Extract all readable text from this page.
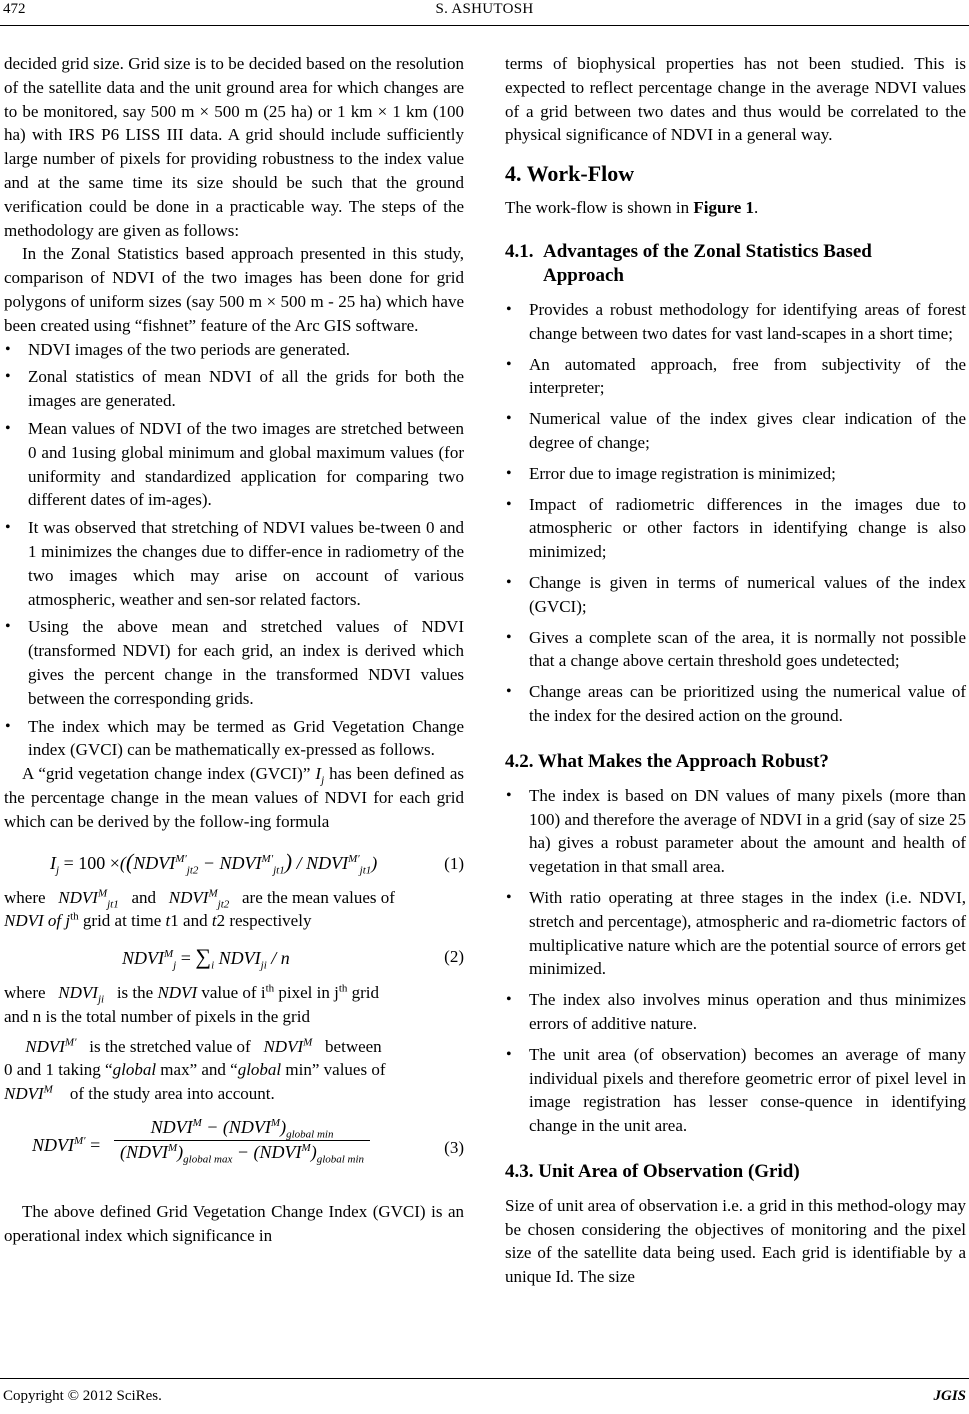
472	S. ASHUTOSH

decided grid size. Grid size is to be decided based on the resolution of the satellite data and the unit ground area for which changes are to be monitored, say 500 m × 500 m (25 ha) or 1 km × 1 km (100 ha) with IRS P6 LISS III data. A grid should include sufficiently large number of pixels for providing robustness to the index value and at the same time its size should be such that the ground verification could be done in a practicable way. The steps of the methodology are given as follows:

In the Zonal Statistics based approach presented in this study, comparison of NDVI of the two images has been done for grid polygons of uniform sizes (say 500 m × 500 m - 25 ha) which have been created using “fishnet” feature of the Arc GIS software.

• NDVI images of the two periods are generated.
• Zonal statistics of mean NDVI of all the grids for both the images are generated.
• Mean values of NDVI of the two images are stretched between 0 and 1using global minimum and global maximum values (for uniformity and standardized application for comparing two different dates of im-ages).
• It was observed that stretching of NDVI values be-tween 0 and 1 minimizes the changes due to differ-ence in radiometry of the two images which may arise on account of various atmospheric, weather and sen-sor related factors.
• Using the above mean and stretched values of NDVI (transformed NDVI) for each grid, an index is derived which gives the percent change in the transformed NDVI values between the corresponding grids.
• The index which may be termed as Grid Vegetation Change index (GVCI) can be mathematically ex-pressed as follows.

A “grid vegetation change index (GVCI)” $I_j$ has been defined as the percentage change in the mean values of NDVI for each grid which can be derived by the follow-ing formula

$I_j = 100$ $\times((NDVI^{M'}_{jt2}$ − $NDVI^{M'}_{jt1}$) / $NDVI^{M'}_{jt1}$)	(1)

where $NDVI^M_{jt1}$ and $NDVI^M_{jt2}$ are the mean values of
NDVI of $j^{th}$ grid at time t1 and t2 respectively

$NDVI^M_j = \sum_i$ $NDVI_{ji}$ / n	(2)

where $NDVI_{ji}$ is the NDVI value of $i^{th}$ pixel in $j^{th}$ grid
and n is the total number of pixels in the grid

$NDVI^{M'}$ is the stretched value of $NDVI^M$ between
0 and 1 taking “global max” and “global min” values of
$NDVI^M$ of the study area into account.

$NDVI^{M'}$ =
$NDVI^M$ − $(NDVI^M)_{global min}$
$(NDVI^M)_{global max}$ − $(NDVI^M)_{global min}$
(3)

The above defined Grid Vegetation Change Index (GVCI) is an operational index which significance in

terms of biophysical properties has not been studied. This is expected to reflect percentage change in the average NDVI values of a grid between two dates and thus would be correlated to the physical significance of NDVI in a general way.

4. Work-Flow

The work-flow is shown in Figure 1.

4.1. Advantages of the Zonal Statistics Based
Approach
• Provides a robust methodology for identifying areas of forest change between two dates for vast land-scapes in a short time;
• An automated approach, free from subjectivity of the interpreter;
• Numerical value of the index gives clear indication of the degree of change;
• Error due to image registration is minimized;
• Impact of radiometric differences in the images due to atmospheric or other factors in identifying change is also minimized;
• Change is given in terms of numerical values of the index (GVCI);
• Gives a complete scan of the area, it is normally not possible that a change above certain threshold goes undetected;
• Change areas can be prioritized using the numerical value of the index for the desired action on the ground.
4.2. What Makes the Approach Robust?
• The index is based on DN values of many pixels (more than 100) and therefore the average of NDVI in a grid (say of size 25 ha) gives a robust parameter about the amount and health of vegetation in that small area.
• With ratio operating at three stages in the index (i.e. NDVI, stretch and percentage), atmospheric and ra-diometric factors of multiplicative nature which are the potential source of errors get minimized.
• The index also involves minus operation and thus minimizes errors of additive nature.
• The unit area (of observation) becomes an average of many individual pixels and therefore geometric error of pixel level in image registration has lesser conse-quence in identifying change in the unit area.
4.3. Unit Area of Observation (Grid)

Size of unit area of observation i.e. a grid in this method-ology may be chosen considering the objectives of monitoring and the pixel size of the satellite data being used. Each grid is identifiable by a unique Id. The size

Copyright © 2012 SciRes.	JGIS
